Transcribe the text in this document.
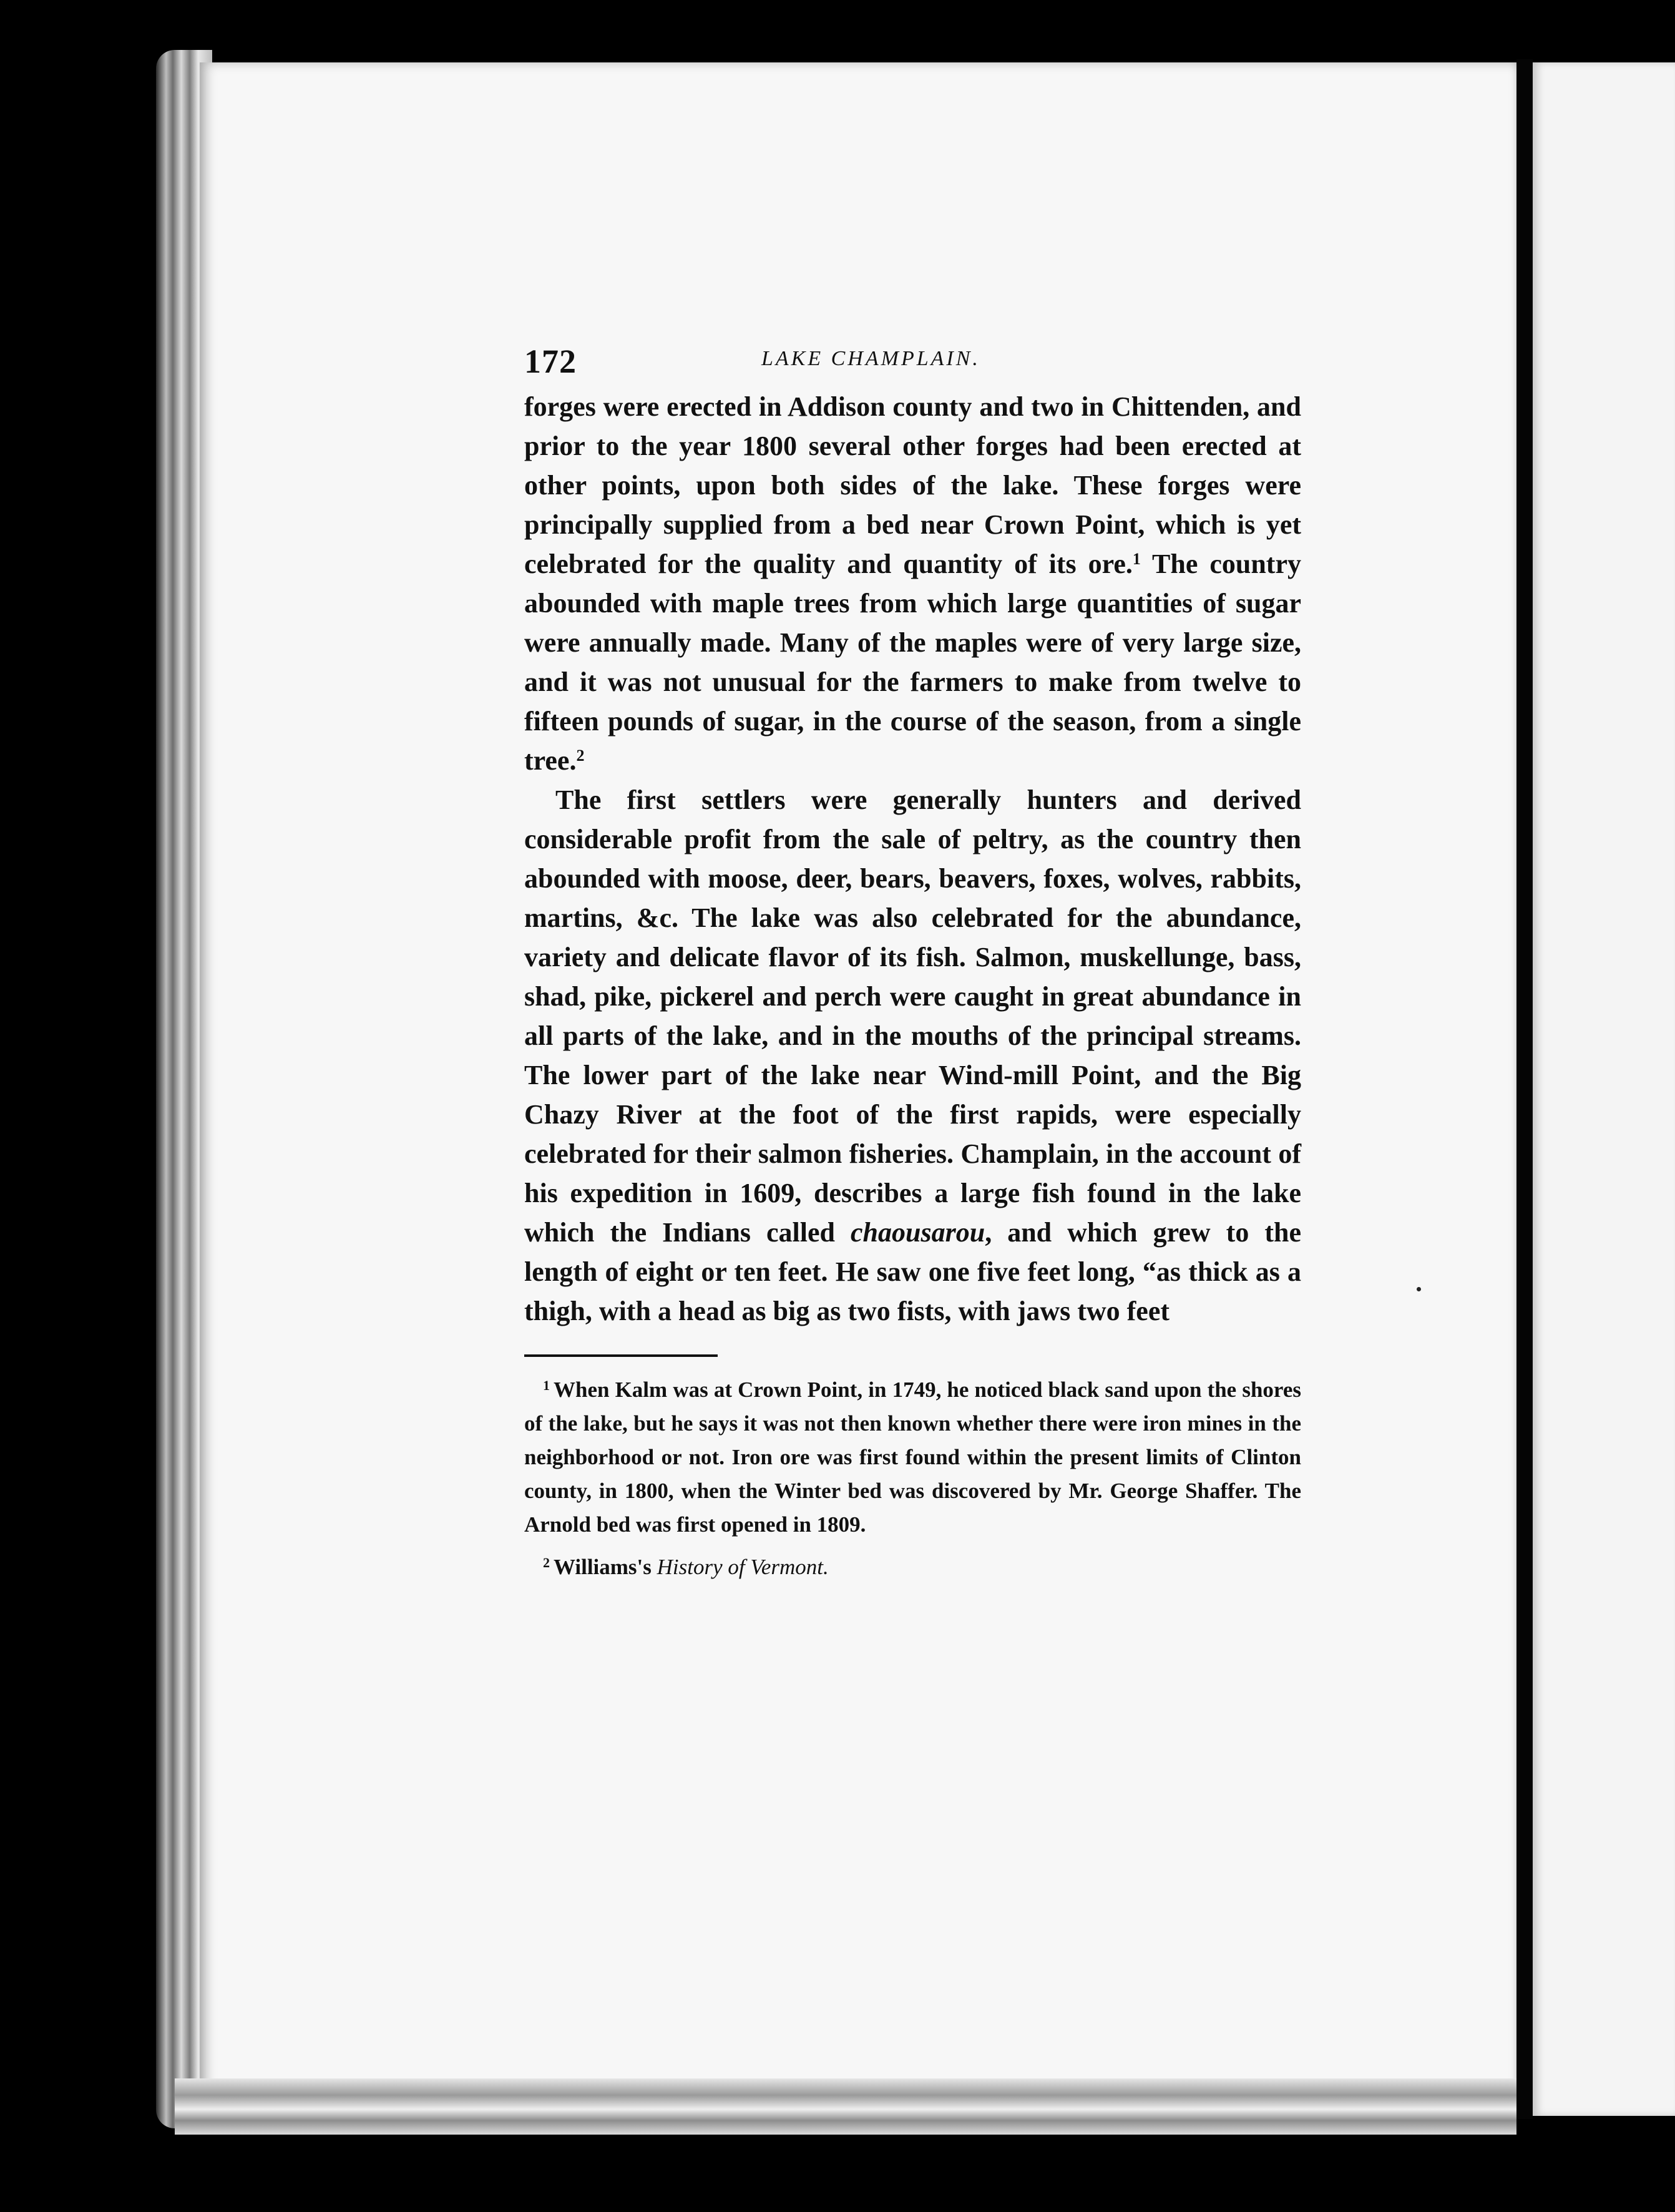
172	LAKE CHAMPLAIN.

forges were erected in Addison county and two in Chittenden, and prior to the year 1800 several other forges had been erected at other points, upon both sides of the lake. These forges were principally supplied from a bed near Crown Point, which is yet celebrated for the quality and quantity of its ore.$^1$ The country abounded with maple trees from which large quantities of sugar were annually made. Many of the maples were of very large size, and it was not unusual for the farmers to make from twelve to fifteen pounds of sugar, in the course of the season, from a single tree.$^2$

The first settlers were generally hunters and derived considerable profit from the sale of peltry, as the country then abounded with moose, deer, bears, beavers, foxes, wolves, rabbits, martins, &c. The lake was also celebrated for the abundance, variety and delicate flavor of its fish. Salmon, muskellunge, bass, shad, pike, pickerel and perch were caught in great abundance in all parts of the lake, and in the mouths of the principal streams. The lower part of the lake near Wind-mill Point, and the Big Chazy River at the foot of the first rapids, were especially celebrated for their salmon fisheries. Champlain, in the account of his expedition in 1609, describes a large fish found in the lake which the Indians called chaousarou, and which grew to the length of eight or ten feet. He saw one five feet long, “as thick as a thigh, with a head as big as two fists, with jaws two feet

$^1$ When Kalm was at Crown Point, in 1749, he noticed black sand upon the shores of the lake, but he says it was not then known whether there were iron mines in the neighborhood or not. Iron ore was first found within the present limits of Clinton county, in 1800, when the Winter bed was discovered by Mr. George Shaffer. The Arnold bed was first opened in 1809.

$^2$ Williams's History of Vermont.
